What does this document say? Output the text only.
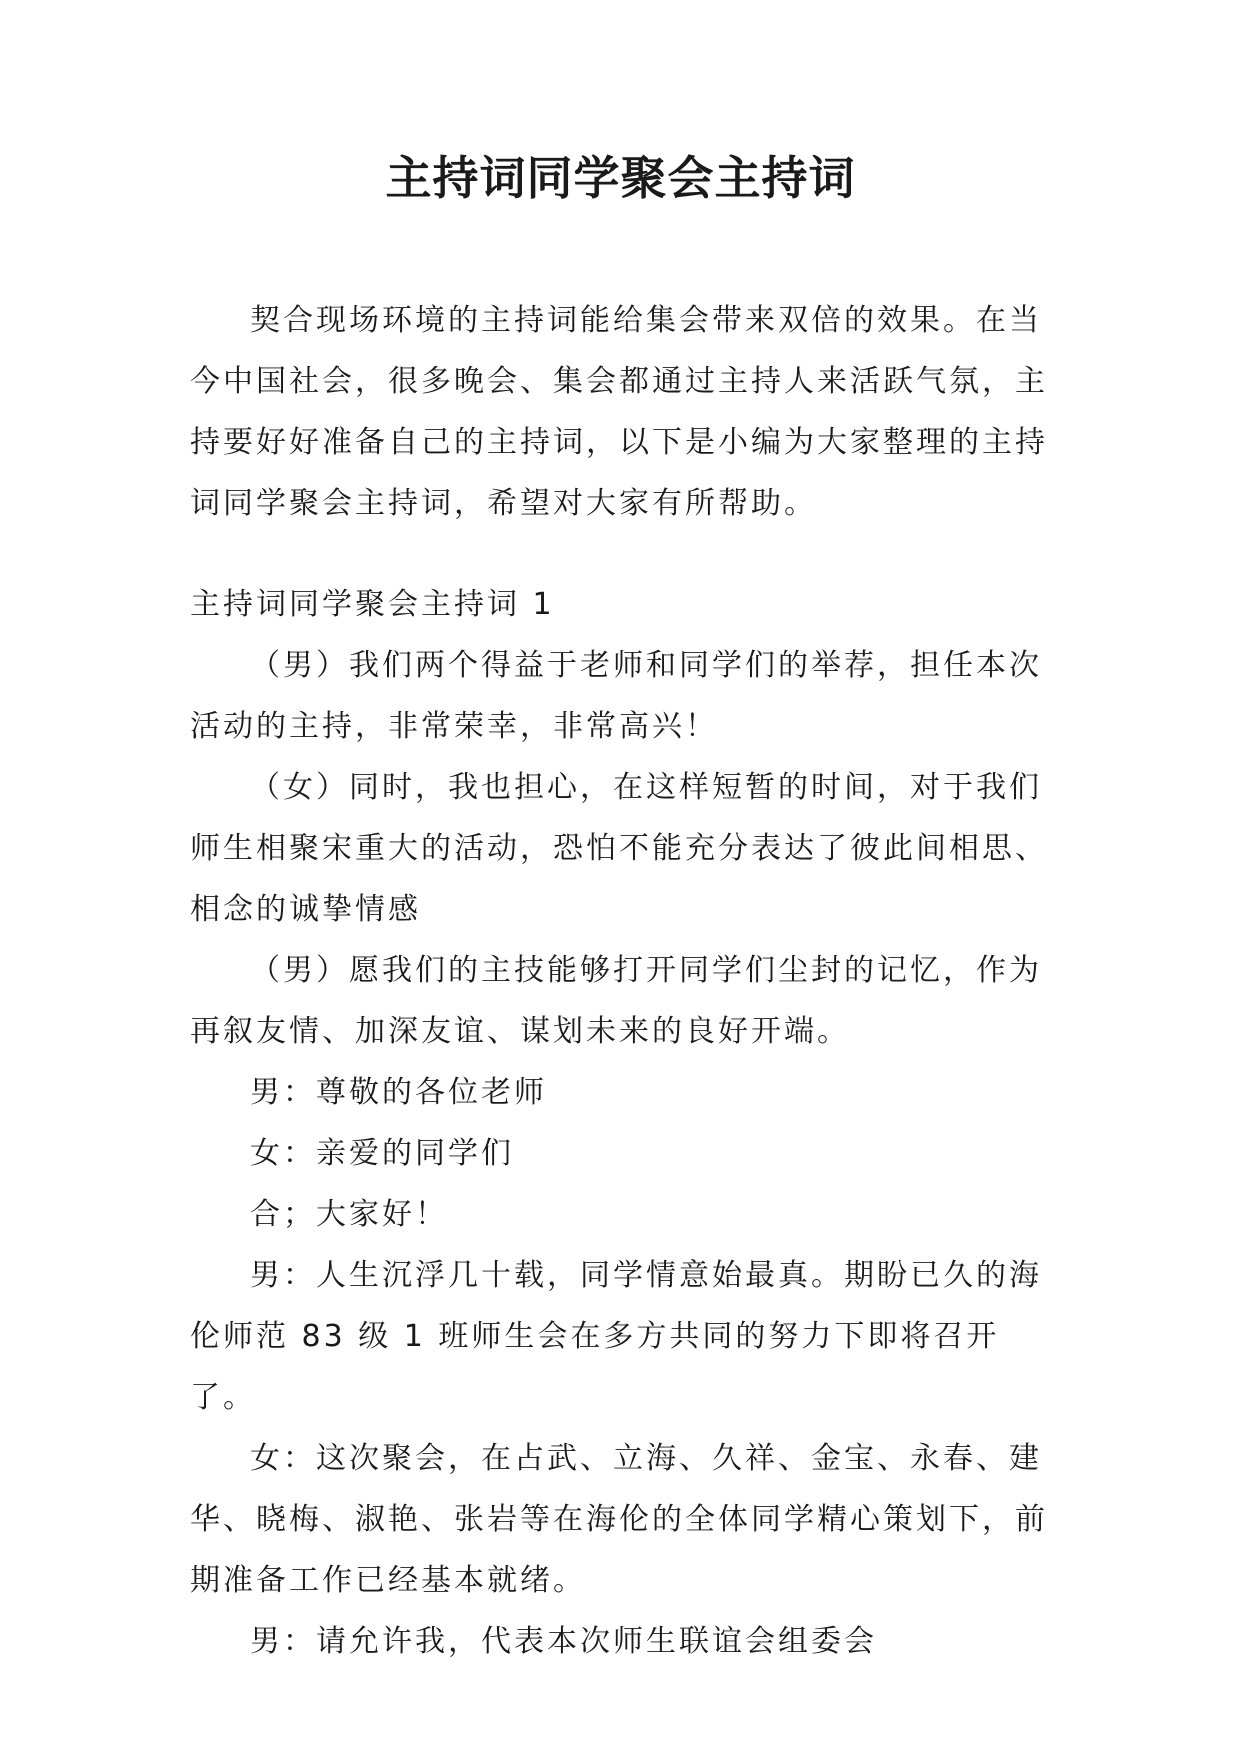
主持词同学聚会主持词

契合现场环境的主持词能给集会带来双倍的效果。在当今中国社会，很多晚会、集会都通过主持人来活跃气氛，主持要好好准备自己的主持词，以下是小编为大家整理的主持词同学聚会主持词，希望对大家有所帮助。

主持词同学聚会主持词 1

（男）我们两个得益于老师和同学们的举荐，担任本次活动的主持，非常荣幸，非常高兴！

（女）同时，我也担心，在这样短暂的时间，对于我们师生相聚宋重大的活动，恐怕不能充分表达了彼此间相思、相念的诚挚情感

（男）愿我们的主技能够打开同学们尘封的记忆，作为再叙友情、加深友谊、谋划未来的良好开端。

男：尊敬的各位老师

女：亲爱的同学们

合；大家好！

男：人生沉浮几十载，同学情意始最真。期盼已久的海伦师范 83 级 1 班师生会在多方共同的努力下即将召开了。

女：这次聚会，在占武、立海、久祥、金宝、永春、建华、晓梅、淑艳、张岩等在海伦的全体同学精心策划下，前期准备工作已经基本就绪。

男：请允许我，代表本次师生联谊会组委会
